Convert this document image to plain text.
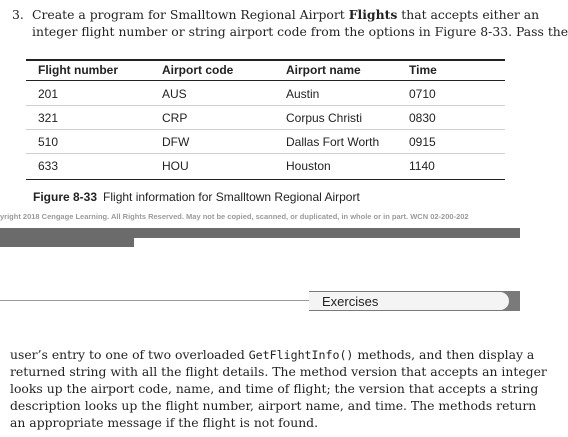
3. Create a program for Smalltown Regional Airport Flights that accepts either an
integer flight number or string airport code from the options in Figure 8-33. Pass the
Flight number	Airport code	Airport name	Time
201	AUS	Austin	0710
321	CRP	Corpus Christi	0830
510	DFW	Dallas Fort Worth 0915
633	HOU	Houston	1140
Figure 8-33 Flight information for Smalltown Regional Airport
yright 2018 Cengage Learning. All Rights Reserved. May not be copied, scanned, or duplicated, in whole or in part. WCN 02-200-202
Exercises
user’s entry to one of two overloaded GetFlightInfo() methods, and then display a
returned string with all the flight details. The method version that accepts an integer
looks up the airport code, name, and time of flight; the version that accepts a string
description looks up the flight number, airport name, and time. The methods return
an appropriate message if the flight is not found.
